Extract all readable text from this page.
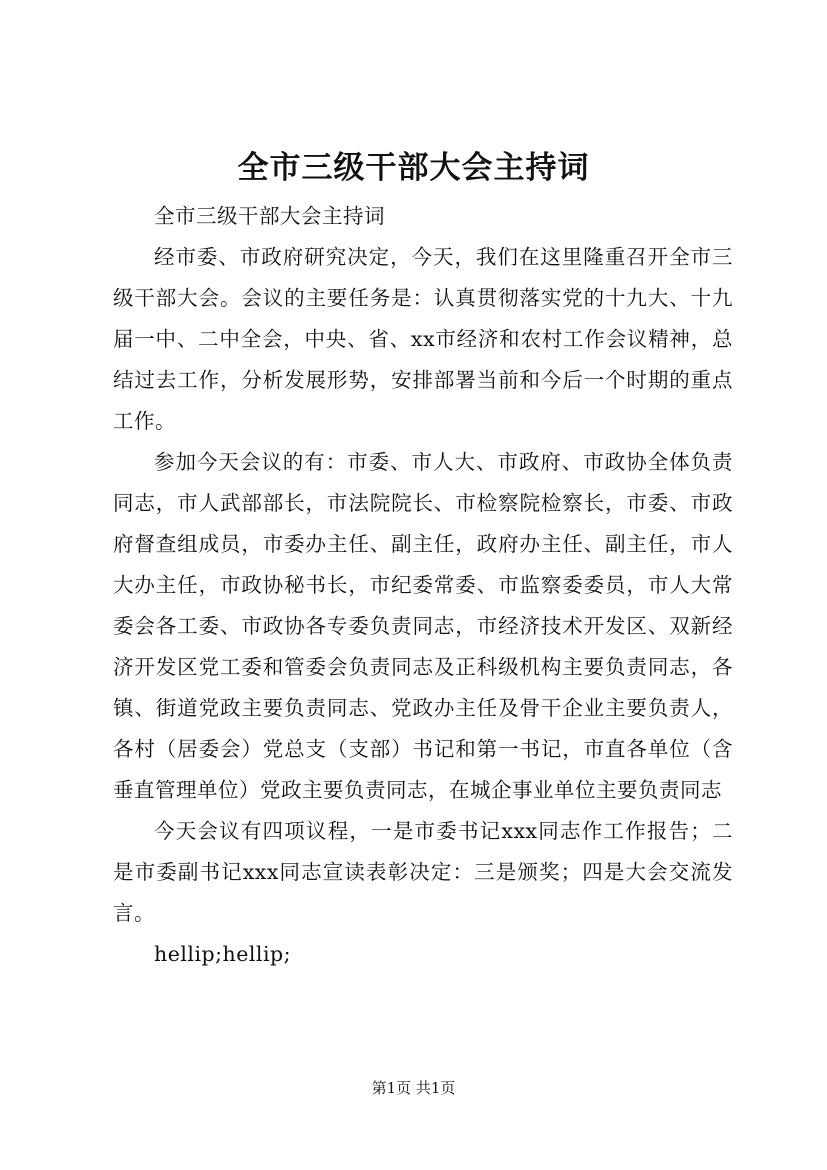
全市三级干部大会主持词

全市三级干部大会主持词

经市委、市政府研究决定，今天，我们在这里隆重召开全市三级干部大会。会议的主要任务是：认真贯彻落实党的十九大、十九届一中、二中全会，中央、省、xx市经济和农村工作会议精神，总结过去工作，分析发展形势，安排部署当前和今后一个时期的重点工作。

参加今天会议的有：市委、市人大、市政府、市政协全体负责同志，市人武部部长，市法院院长、市检察院检察长，市委、市政府督查组成员，市委办主任、副主任，政府办主任、副主任，市人大办主任，市政协秘书长，市纪委常委、市监察委委员，市人大常委会各工委、市政协各专委负责同志，市经济技术开发区、双新经济开发区党工委和管委会负责同志及正科级机构主要负责同志，各镇、街道党政主要负责同志、党政办主任及骨干企业主要负责人，各村（居委会）党总支（支部）书记和第一书记，市直各单位（含垂直管理单位）党政主要负责同志，在城企事业单位主要负责同志

今天会议有四项议程，一是市委书记xxx同志作工作报告；二是市委副书记xxx同志宣读表彰决定：三是颁奖；四是大会交流发言。

hellip;hellip;

第1页 共1页
